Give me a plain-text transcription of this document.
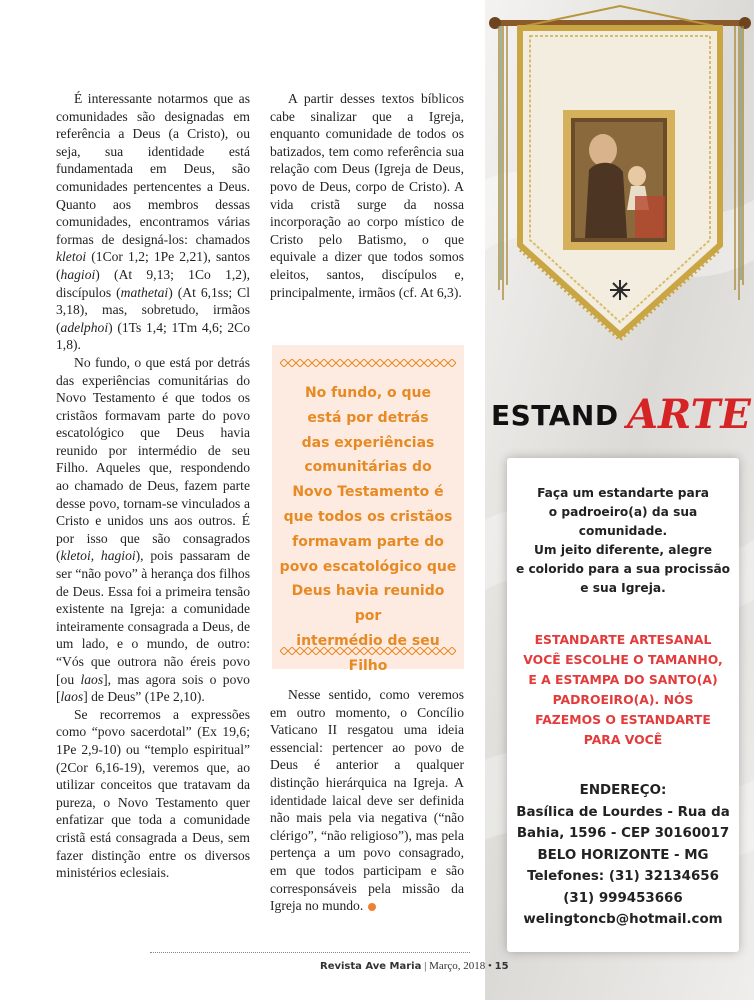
É interessante notarmos que as comunidades são designadas em referência a Deus (a Cristo), ou seja, sua identidade está fundamentada em Deus, são comunidades pertencentes a Deus. Quanto aos membros dessas comunidades, encontramos várias formas de designá-los: chamados kletoi (1Cor 1,2; 1Pe 2,21), santos (hagioi) (At 9,13; 1Co 1,2), discípulos (mathetai) (At 6,1ss; Cl 3,18), mas, sobretudo, irmãos (adelphoi) (1Ts 1,4; 1Tm 4,6; 2Co 1,8).

No fundo, o que está por detrás das experiências comunitárias do Novo Testamento é que todos os cristãos formavam parte do povo escatológico que Deus havia reunido por intermédio de seu Filho. Aqueles que, respondendo ao chamado de Deus, fazem parte desse povo, tornam-se vinculados a Cristo e unidos uns aos outros. É por isso que são consagrados (kletoi, hagioi), pois passaram de ser “não povo” à herança dos filhos de Deus. Essa foi a primeira tensão existente na Igreja: a comunidade inteiramente consagrada a Deus, de um lado, e o mundo, de outro: “Vós que outrora não éreis povo [ou laos], mas agora sois o povo [laos] de Deus” (1Pe 2,10).

Se recorremos a expressões como “povo sacerdotal” (Ex 19,6; 1Pe 2,9-10) ou “templo espiritual” (2Cor 6,16-19), veremos que, ao utilizar conceitos que tratavam da pureza, o Novo Testamento quer enfatizar que toda a comunidade cristã está consagrada a Deus, sem fazer distinção entre os diversos ministérios eclesiais.

A partir desses textos bíblicos cabe sinalizar que a Igreja, enquanto comunidade de todos os batizados, tem como referência sua relação com Deus (Igreja de Deus, povo de Deus, corpo de Cristo). A vida cristã surge da nossa incorporação ao corpo místico de Cristo pelo Batismo, o que equivale a dizer que todos somos eleitos, santos, discípulos e, principalmente, irmãos (cf. At 6,3).

No fundo, o que
está por detrás
das experiências
comunitárias do
Novo Testamento é
que todos os cristãos
formavam parte do
povo escatológico que
Deus havia reunido por
intermédio de seu Filho

Nesse sentido, como veremos em outro momento, o Concílio Vaticano II resgatou uma ideia essencial: pertencer ao povo de Deus é anterior a qualquer distinção hierárquica na Igreja. A identidade laical deve ser definida não mais pela via negativa (“não clérigo”, “não religioso”), mas pela pertença a um povo consagrado, em que todos participam e são corresponsáveis pela missão da Igreja no mundo.

ESTAND ARTE
Faça um estandarte para
o padroeiro(a) da sua
comunidade.
Um jeito diferente, alegre
e colorido para a sua procissão
e sua Igreja.
ESTANDARTE ARTESANAL
VOCÊ ESCOLHE O TAMANHO,
E A ESTAMPA DO SANTO(A)
PADROEIRO(A). NÓS
FAZEMOS O ESTANDARTE
PARA VOCÊ
ENDEREÇO:
Basílica de Lourdes - Rua da
Bahia, 1596 - CEP 30160017
BELO HORIZONTE - MG
Telefones: (31) 32134656
(31) 999453666
welingtoncb@hotmail.com
Revista Ave Maria | Março, 2018 • 15
